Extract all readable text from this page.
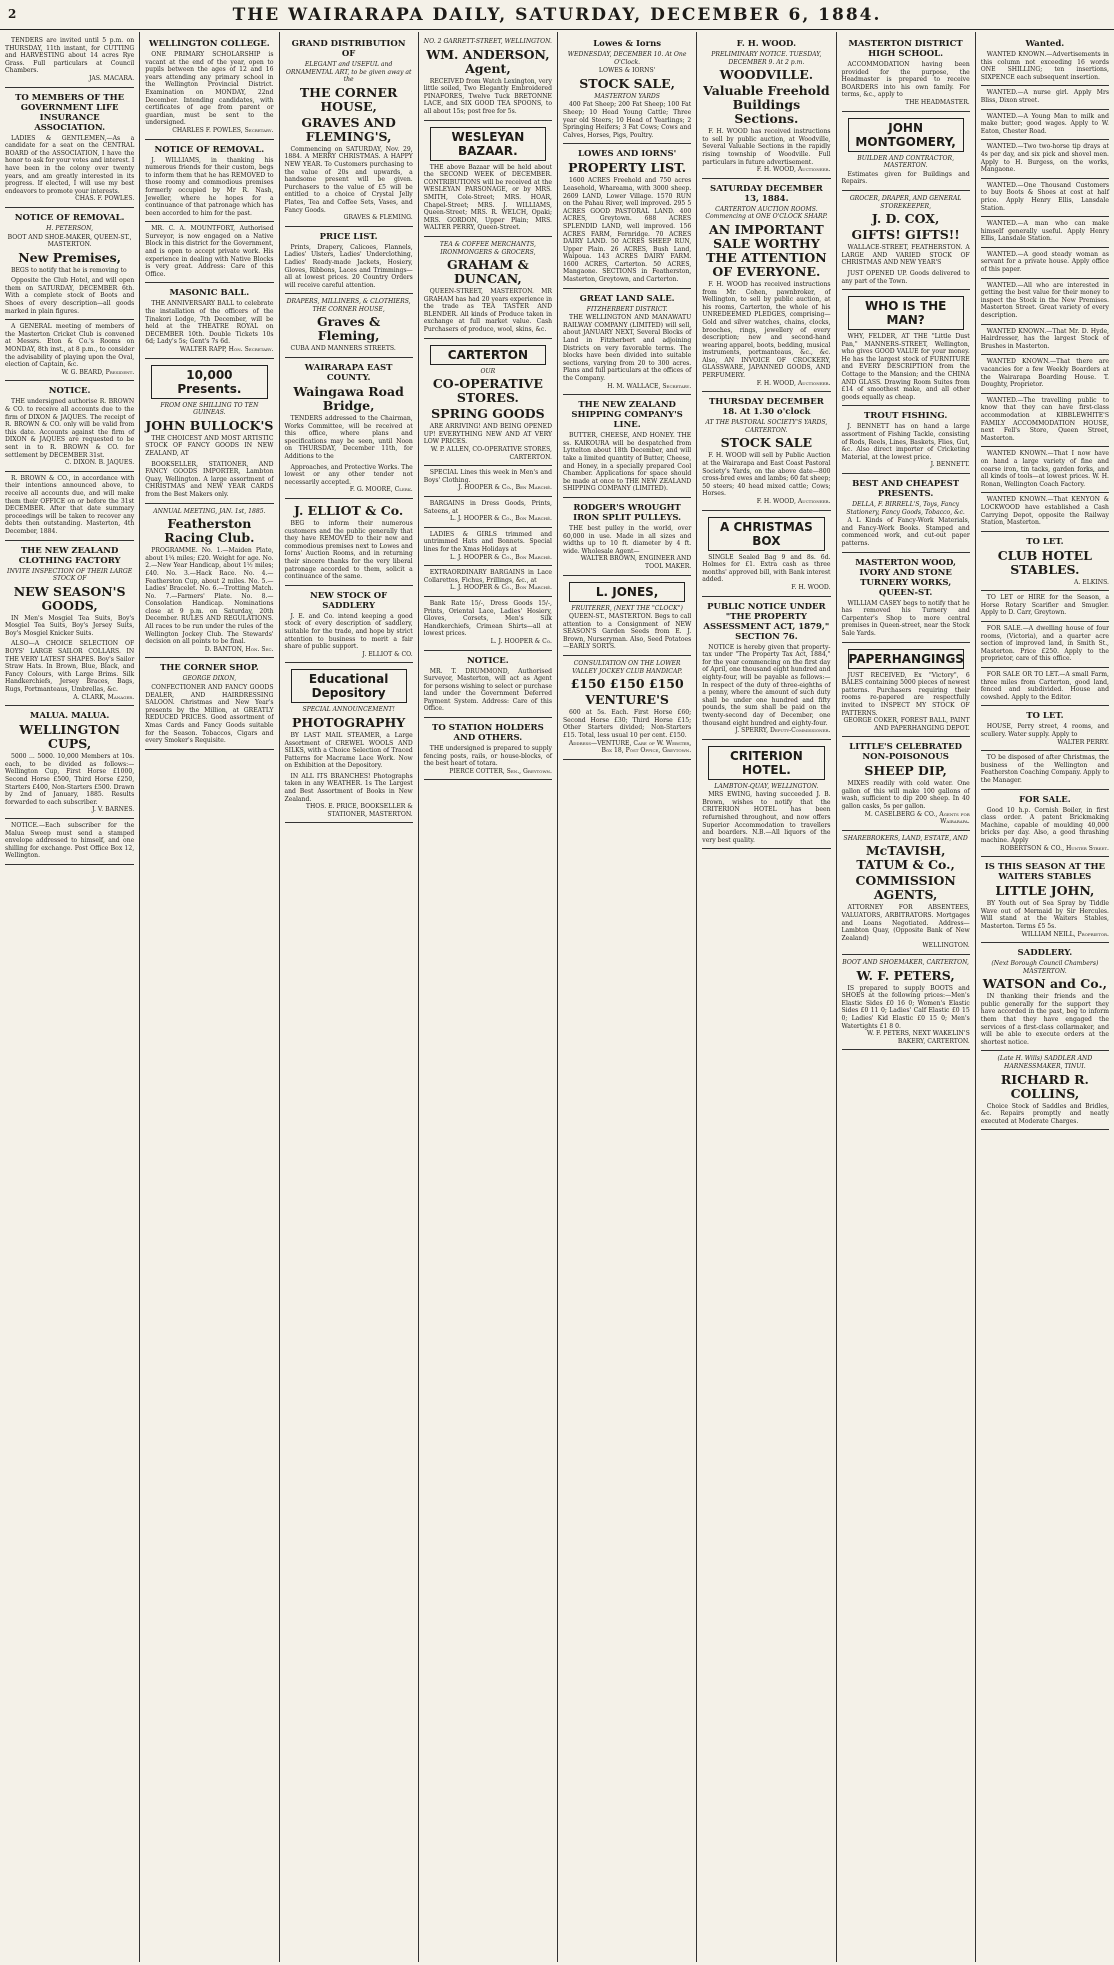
2	THE WAIRARAPA DAILY, SATURDAY, DECEMBER 6, 1884.
TENDERS are invited until 5 p.m. on THURSDAY, 11th instant, for CUTTING and HARVESTING about 14 acres Rye Grass. Full particulars at Council Chambers.
JAS. MACARA.
TO MEMBERS OF THE GOVERNMENT LIFE INSURANCE ASSOCIATION.
LADIES & GENTLEMEN,—As a candidate for a seat on the CENTRAL BOARD of the ASSOCIATION, I have the honor to ask for your votes and interest. I have been in the colony over twenty years, and am greatly interested in its progress. If elected, I will use my best endeavors to promote your interests.
CHAS. F. POWLES.
NOTICE OF REMOVAL.
H. PETERSON,
BOOT AND SHOE-MAKER, QUEEN-ST., MASTERTON.
New Premises,
BEGS to notify that he is removing to
Opposite the Club Hotel, and will open them on SATURDAY, DECEMBER 6th. With a complete stock of Boots and Shoes of every description—all goods marked in plain figures.
A GENERAL meeting of members of the Masterton Cricket Club is convened at Messrs. Eton & Co.'s Rooms on MONDAY, 8th inst., at 8 p.m., to consider the advisability of playing upon the Oval, election of Captain, &c.
W. G. BEARD, President.
NOTICE.
THE undersigned authorise R. BROWN & CO. to receive all accounts due to the firm of DIXON & JAQUES. The receipt of R. BROWN & CO. only will be valid from this date. Accounts against the firm of DIXON & JAQUES are requested to be sent in to R. BROWN & CO. for settlement by DECEMBER 31st.
C. DIXON. B. JAQUES.
R. BROWN & CO., in accordance with their intentions announced above, to receive all accounts due, and will make them their OFFICE on or before the 31st DECEMBER. After that date summary proceedings will be taken to recover any debts then outstanding. Masterton, 4th December, 1884.
THE NEW ZEALAND CLOTHING FACTORY
INVITE INSPECTION OF THEIR LARGE STOCK OF
NEW SEASON'S GOODS,
IN Men's Mosgiel Tea Suits, Boy's Mosgiel Tea Suits, Boy's Jersey Suits, Boy's Mosgiel Knicker Suits.
ALSO—A CHOICE SELECTION OF BOYS' LARGE SAILOR COLLARS. IN THE VERY LATEST SHAPES. Boy's Sailor Straw Hats. In Brown, Blue, Black, and Fancy Colours, with Large Brims. Silk Handkerchiefs, Jersey Braces, Bags, Rugs, Portmanteaus, Umbrellas, &c.
A. CLARK, Manager.
MALUA. MALUA.
WELLINGTON CUPS,
5000 ... 5000. 10,000 Members at 10s. each, to be divided as follows:—Wellington Cup, First Horse £1000, Second Horse £500, Third Horse £250, Starters £400, Non-Starters £500. Drawn by 2nd of January, 1885. Results forwarded to each subscriber.
J. V. BARNES.
NOTICE.—Each subscriber for the Malua Sweep must send a stamped envelope addressed to himself, and one shilling for exchange. Post Office Box 12, Wellington.
WELLINGTON COLLEGE.
ONE PRIMARY SCHOLARSHIP is vacant at the end of the year, open to pupils between the ages of 12 and 16 years attending any primary school in the Wellington Provincial District. Examination on MONDAY, 22nd December. Intending candidates, with certificates of age from parent or guardian, must be sent to the undersigned.
CHARLES F. POWLES, Secretary.
NOTICE OF REMOVAL.
J. WILLIAMS, in thanking his numerous friends for their custom, begs to inform them that he has REMOVED to those roomy and commodious premises formerly occupied by Mr R. Nash, Jeweller, where he hopes for a continuance of that patronage which has been accorded to him for the past.
MR. C. A. MOUNTFORT, Authorised Surveyor, is now engaged on a Native Block in this district for the Government, and is open to accept private work. His experience in dealing with Native Blocks is very great. Address: Care of this Office.
MASONIC BALL.
THE ANNIVERSARY BALL to celebrate the installation of the officers of the Tinakori Lodge, 7th December, will be held at the THEATRE ROYAL on DECEMBER 10th. Double Tickets 10s 6d; Lady's 5s; Gent's 7s 6d.
WALTER RAPP, Hon. Secretary.
10,000 Presents.
FROM ONE SHILLING TO TEN GUINEAS.
JOHN BULLOCK'S
THE CHOICEST AND MOST ARTISTIC STOCK OF FANCY GOODS IN NEW ZEALAND, AT
BOOKSELLER, STATIONER, AND FANCY GOODS IMPORTER, Lambton Quay, Wellington. A large assortment of CHRISTMAS and NEW YEAR CARDS from the Best Makers only.
ANNUAL MEETING, JAN. 1st, 1885.
Featherston Racing Club.
PROGRAMME. No. 1.—Maiden Plate, about 1¼ miles; £20. Weight for age. No. 2.—New Year Handicap, about 1½ miles; £40. No. 3.—Hack Race. No. 4.—Featherston Cup, about 2 miles. No. 5.—Ladies' Bracelet. No. 6.—Trotting Match. No. 7.—Farmers' Plate. No. 8.—Consolation Handicap. Nominations close at 9 p.m. on Saturday, 20th December. RULES AND REGULATIONS. All races to be run under the rules of the Wellington Jockey Club. The Stewards' decision on all points to be final.
D. BANTON, Hon. Sec.
THE CORNER SHOP.
GEORGE DIXON,
CONFECTIONER AND FANCY GOODS DEALER, AND HAIRDRESSING SALOON. Christmas and New Year's presents by the Million, at GREATLY REDUCED PRICES. Good assortment of Xmas Cards and Fancy Goods suitable for the Season. Tobaccos, Cigars and every Smoker's Requisite.
GRAND DISTRIBUTION OF
ELEGANT and USEFUL and ORNAMENTAL ART, to be given away at the
THE CORNER HOUSE,
GRAVES AND FLEMING'S,
Commencing on SATURDAY, Nov. 29, 1884. A MERRY CHRISTMAS. A HAPPY NEW YEAR. To Customers purchasing to the value of 20s and upwards, a handsome present will be given. Purchasers to the value of £5 will be entitled to a choice of Crystal Jelly Plates, Tea and Coffee Sets, Vases, and Fancy Goods.
GRAVES & FLEMING.
PRICE LIST.
Prints, Drapery, Calicoes, Flannels, Ladies' Ulsters, Ladies' Underclothing, Ladies' Ready-made Jackets, Hosiery, Gloves, Ribbons, Laces and Trimmings—all at lowest prices. 20 Country Orders will receive careful attention.
DRAPERS, MILLINERS, & CLOTHIERS, THE CORNER HOUSE,
Graves & Fleming,
CUBA AND MANNERS STREETS.
WAIRARAPA EAST COUNTY.
Waingawa Road Bridge,
TENDERS addressed to the Chairman, Works Committee, will be received at this office, where plans and specifications may be seen, until Noon on THURSDAY, December 11th, for Additions to the
Approaches, and Protective Works. The lowest or any other tender not necessarily accepted.
F. G. MOORE, Clerk.
J. ELLIOT & Co.
BEG to inform their numerous customers and the public generally that they have REMOVED to their new and commodious premises next to Lowes and Iorns' Auction Rooms, and in returning their sincere thanks for the very liberal patronage accorded to them, solicit a continuance of the same.
NEW STOCK OF SADDLERY
J. E. and Co. intend keeping a good stock of every description of saddlery, suitable for the trade, and hope by strict attention to business to merit a fair share of public support.
J. ELLIOT & CO.
Educational Depository
SPECIAL ANNOUNCEMENT!
PHOTOGRAPHY
BY LAST MAIL STEAMER, a Large Assortment of CREWEL WOOLS AND SILKS, with a Choice Selection of Traced Patterns for Macrame Lace Work. Now on Exhibition at the Depository.
IN ALL ITS BRANCHES! Photographs taken in any WEATHER. 1s The Largest and Best Assortment of Books in New Zealand.
THOS. E. PRICE, BOOKSELLER & STATIONER, MASTERTON.
NO. 2 GARRETT-STREET, WELLINGTON.
WM. ANDERSON, Agent,
RECEIVED from Watch Lexington, very little soiled, Two Elegantly Embroidered PINAFORES, Twelve Tuck BRETONNE LACE, and SIX GOOD TEA SPOONS, to all about 15s; post free for 5s.
WESLEYAN BAZAAR.
THE above Bazaar will be held about the SECOND WEEK of DECEMBER. CONTRIBUTIONS will be received at the WESLEYAN PARSONAGE, or by MRS. SMITH, Cole-Street; MRS. HOAR, Chapel-Street; MRS. J. WILLIAMS, Queen-Street; MRS. R. WELCH, Opaki; MRS. GORDON, Upper Plain; MRS. WALTER PERRY, Queen-Street.
TEA & COFFEE MERCHANTS, IRONMONGERS & GROCERS,
GRAHAM & DUNCAN,
QUEEN-STREET, MASTERTON. MR GRAHAM has had 20 years experience in the trade as TEA TASTER AND BLENDER. All kinds of Produce taken in exchange at full market value. Cash Purchasers of produce, wool, skins, &c.
CARTERTON
OUR
CO-OPERATIVE STORES.
SPRING GOODS
ARE ARRIVING! AND BEING OPENED UP! EVERYTHING NEW AND AT VERY LOW PRICES.
W. P. ALLEN, CO-OPERATIVE STORES, CARTERTON.
SPECIAL Lines this week in Men's and Boys' Clothing.
J. HOOPER & Co., Ben Marché.
BARGAINS in Dress Goods, Prints, Sateens, at
L. J. HOOPER & Co., Bon Marché.
LADIES & GIRLS trimmed and untrimmed Hats and Bonnets. Special lines for the Xmas Holidays at
L. J. HOOPER & Co., Bon Marché.
EXTRAORDINARY BARGAINS in Lace Collarettes, Fichus, Frillings, &c., at
L. J. HOOPER & Co., Bon Marché.
Bank Rate 15/-, Dress Goods 15/-, Prints, Oriental Lace, Ladies' Hosiery, Gloves, Corsets, Men's Silk Handkerchiefs, Crimean Shirts—all at lowest prices.
L. J. HOOPER & Co.
NOTICE.
MR. T. DRUMMOND, Authorised Surveyor, Masterton, will act as Agent for persons wishing to select or purchase land under the Government Deferred Payment System. Address: Care of this Office.
TO STATION HOLDERS AND OTHERS.
THE undersigned is prepared to supply fencing posts, rails, or house-blocks, of the best heart of totara.
PIERCE COTTER, Sen., Greytown.
Lowes & Iorns
WEDNESDAY, DECEMBER 10. At One O'Clock.
LOWES & IORNS'
STOCK SALE,
MASTERTON YARDS
400 Fat Sheep; 200 Fat Sheep; 100 Fat Sheep; 10 Head Young Cattle; Three year old Steers; 10 Head of Yearlings; 2 Springing Heifers; 3 Fat Cows; Cows and Calves, Horses, Pigs, Poultry.
LOWES AND IORNS'
PROPERTY LIST.
1600 ACRES Freehold and 750 acres Leasehold, Whareama, with 3000 sheep. 2609 LAND, Lower Village. 1570 RUN on the Pahau River, well improved. 295 5 ACRES GOOD PASTORAL LAND. 400 ACRES, Greytown. 688 ACRES SPLENDID LAND, well improved. 156 ACRES FARM, Fernridge. 70 ACRES DAIRY LAND. 50 ACRES SHEEP RUN, Upper Plain. 26 ACRES, Bush Land, Waipoua. 143 ACRES DAIRY FARM. 1600 ACRES, Carterton. 50 ACRES, Mangaone. SECTIONS in Featherston, Masterton, Greytown, and Carterton.
GREAT LAND SALE.
FITZHERBERT DISTRICT.
THE WELLINGTON AND MANAWATU RAILWAY COMPANY (LIMITED) will sell, about JANUARY NEXT, Several Blocks of Land in Fitzherbert and adjoining Districts on very favorable terms. The blocks have been divided into suitable sections, varying from 20 to 300 acres. Plans and full particulars at the offices of the Company.
H. M. WALLACE, Secretary.
THE NEW ZEALAND SHIPPING COMPANY'S LINE.
BUTTER, CHEESE, AND HONEY. THE ss. KAIKOURA will be despatched from Lyttelton about 18th December, and will take a limited quantity of Butter, Cheese, and Honey, in a specially prepared Cool Chamber. Applications for space should be made at once to THE NEW ZEALAND SHIPPING COMPANY (LIMITED).
RODGER'S WROUGHT IRON SPLIT PULLEYS.
THE best pulley in the world, over 60,000 in use. Made in all sizes and widths up to 10 ft. diameter by 4 ft. wide. Wholesale Agent—
WALTER BROWN, ENGINEER AND TOOL MAKER.
L. JONES,
FRUITERER, (NEXT THE "CLOCK")
QUEEN-ST., MASTERTON. Begs to call attention to a Consignment of NEW SEASON'S Garden Seeds from E. J. Brown, Nurseryman. Also, Seed Potatoes—EARLY SORTS.
CONSULTATION ON THE LOWER VALLEY JOCKEY CLUB HANDICAP.
£150 £150 £150
VENTURE'S
600 at 5s. Each. First Horse £60; Second Horse £30; Third Horse £15; Other Starters divided; Non-Starters £15. Total, less usual 10 per cent. £150.
Address—VENTURE, Care of W. Webster, Box 18, Post Office, Greytown.
F. H. WOOD.
PRELIMINARY NOTICE. TUESDAY, DECEMBER 9. At 2 p.m.
WOODVILLE.
Valuable Freehold Buildings Sections.
F. H. WOOD has received instructions to sell by public auction, at Woodville, Several Valuable Sections in the rapidly rising township of Woodville. Full particulars in future advertisement.
F. H. WOOD, Auctioneer.
SATURDAY DECEMBER 13, 1884.
CARTERTON AUCTION ROOMS. Commencing at ONE O'CLOCK SHARP.
AN IMPORTANT SALE WORTHY THE ATTENTION OF EVERYONE.
F. H. WOOD has received instructions from Mr. Cohen, pawnbroker, of Wellington, to sell by public auction, at his rooms, Carterton, the whole of his UNREDEEMED PLEDGES, comprising—Gold and silver watches, chains, clocks, brooches, rings, jewellery of every description; new and second-hand wearing apparel, boots, bedding, musical instruments, portmanteaus, &c., &c. Also, AN INVOICE OF CROCKERY, GLASSWARE, JAPANNED GOODS, AND PERFUMERY.
F. H. WOOD, Auctioneer.
THURSDAY DECEMBER 18. At 1.30 o'clock
AT THE PASTORAL SOCIETY'S YARDS, CARTERTON.
STOCK SALE
F. H. WOOD will sell by Public Auction at the Wairarapa and East Coast Pastoral Society's Yards, on the above date—800 cross-bred ewes and lambs; 60 fat sheep; 50 steers; 40 head mixed cattle; Cows; Horses.
F. H. WOOD, Auctioneer.
A CHRISTMAS BOX
SINGLE Sealed Bag 9 and 8s. 6d. Holmes for £1. Extra cash as three months' approved bill, with Bank interest added.
F. H. WOOD.
PUBLIC NOTICE UNDER "THE PROPERTY ASSESSMENT ACT, 1879," SECTION 76.
NOTICE is hereby given that property-tax under "The Property Tax Act, 1884," for the year commencing on the first day of April, one thousand eight hundred and eighty-four, will be payable as follows:—In respect of the duty of three-eighths of a penny, where the amount of such duty shall be under one hundred and fifty pounds, the sum shall be paid on the twenty-second day of December, one thousand eight hundred and eighty-four.
J. SPERRY, Deputy-Commissioner.
CRITERION HOTEL.
LAMBTON-QUAY, WELLINGTON.
MRS EWING, having succeeded J. B. Brown, wishes to notify that the CRITERION HOTEL has been refurnished throughout, and now offers Superior Accommodation to travellers and boarders. N.B.—All liquors of the very best quality.
MASTERTON DISTRICT HIGH SCHOOL.
ACCOMMODATION having been provided for the purpose, the Headmaster is prepared to receive BOARDERS into his own family. For terms, &c., apply to
THE HEADMASTER.
JOHN MONTGOMERY,
BUILDER AND CONTRACTOR, MASTERTON.
Estimates given for Buildings and Repairs.
GROCER, DRAPER, AND GENERAL STOREKEEPER,
J. D. COX,
GIFTS! GIFTS!!
WALLACE-STREET, FEATHERSTON. A LARGE AND VARIED STOCK OF CHRISTMAS AND NEW YEAR'S
JUST OPENED UP. Goods delivered to any part of the Town.
WHO IS THE MAN?
WHY, FELDER, AT THE "Little Dust Pan," MANNERS-STREET, Wellington, who gives GOOD VALUE for your money. He has the largest stock of FURNITURE and EVERY DESCRIPTION from the Cottage to the Mansion; and the CHINA AND GLASS. Drawing Room Suites from £14 of smoothest make, and all other goods equally as cheap.
TROUT FISHING.
J. BENNETT has on hand a large assortment of Fishing Tackle, consisting of Rods, Reels, Lines, Baskets, Flies, Gut, &c. Also direct importer of Cricketing Material, at the lowest price.
J. BENNETT.
BEST AND CHEAPEST PRESENTS.
DELLA, F. BIRRELL'S, Toys, Fancy Stationery, Fancy Goods, Tobacco, &c.
A L Kinds of Fancy-Work Materials, and Fancy-Work Books. Stamped and commenced work, and cut-out paper patterns.
MASTERTON WOOD, IVORY AND STONE TURNERY WORKS, QUEEN-ST.
WILLIAM CASEY begs to notify that he has removed his Turnery and Carpenter's Shop to more central premises in Queen-street, near the Stock Sale Yards.
PAPERHANGINGS
JUST RECEIVED, Ex "Victory", 6 BALES containing 5000 pieces of newest patterns. Purchasers requiring their rooms re-papered are respectfully invited to INSPECT MY STOCK OF PATTERNS.
GEORGE COKER, FOREST BALL, PAINT AND PAPERHANGING DEPOT.
LITTLE'S CELEBRATED NON-POISONOUS
SHEEP DIP,
MIXES readily with cold water. One gallon of this will make 100 gallons of wash, sufficient to dip 200 sheep. In 40 gallon casks, 5s per gallon.
M. CASELBERG & CO., Agents for Wairarapa.
SHAREBROKERS, LAND, ESTATE, AND
McTAVISH, TATUM & Co.,
COMMISSION AGENTS,
ATTORNEY FOR ABSENTEES, VALUATORS, ARBITRATORS. Mortgages and Loans Negotiated. Address—Lambton Quay, (Opposite Bank of New Zealand)
WELLINGTON.
BOOT AND SHOEMAKER, CARTERTON,
W. F. PETERS,
IS prepared to supply BOOTS and SHOES at the following prices:—Men's Elastic Sides £0 16 0; Women's Elastic Sides £0 11 0; Ladies' Calf Elastic £0 15 0; Ladies' Kid Elastic £0 15 0; Men's Watertights £1 8 0.
W. F. PETERS, NEXT WAKELIN'S BAKERY, CARTERTON.
Wanted.
WANTED KNOWN.—Advertisements in this column not exceeding 16 words ONE SHILLING; ten insertions, SIXPENCE each subsequent insertion.
WANTED.—A nurse girl. Apply Mrs Bliss, Dixon street.
WANTED.—A Young Man to milk and make butter; good wages. Apply to W. Eaton, Chester Road.
WANTED.—Two two-horse tip drays at 4s per day, and six pick and shovel men. Apply to H. Burgess, on the works, Mangaone.
WANTED.—One Thousand Customers to buy Boots & Shoes at cost at half price. Apply Henry Ellis, Lansdale Station.
WANTED.—A man who can make himself generally useful. Apply Henry Ellis, Lansdale Station.
WANTED.—A good steady woman as servant for a private house. Apply office of this paper.
WANTED.—All who are interested in getting the best value for their money to inspect the Stock in the New Premises. Masterton Street. Great variety of every description.
WANTED KNOWN.—That Mr. D. Hyde, Hairdresser, has the largest Stock of Brushes in Masterton.
WANTED KNOWN.—That there are vacancies for a few Weekly Boarders at the Wairarapa Boarding House. T. Doughty, Proprietor.
WANTED.—The travelling public to know that they can have first-class accommodation at KIBBLEWHITE'S FAMILY ACCOMMODATION HOUSE, next Fell's Store, Queen Street, Masterton.
WANTED KNOWN.—That I now have on hand a large variety of fine and coarse iron, tin tacks, garden forks, and all kinds of tools—at lowest prices. W. H. Ronan, Wellington Coach Factory.
WANTED KNOWN.—That KENYON & LOCKWOOD have established a Cash Carrying Depot, opposite the Railway Station, Masterton.
TO LET.
CLUB HOTEL STABLES.
A. ELKINS.
TO LET or HIRE for the Season, a Horse Rotary Scarifier and Smugler. Apply to D. Carr, Greytown.
FOR SALE.—A dwelling house of four rooms, (Victoria), and a quarter acre section of improved land, in Smith St., Masterton. Price £250. Apply to the proprietor, care of this office.
FOR SALE OR TO LET.—A small Farm, three miles from Carterton, good land, fenced and subdivided. House and cowshed. Apply to the Editor.
TO LET.
HOUSE, Perry street, 4 rooms, and scullery. Water supply. Apply to
WALTER PERRY.
TO be disposed of after Christmas, the business of the Wellington and Featherston Coaching Company. Apply to the Manager.
FOR SALE.
Good 10 h.p. Cornish Boiler, in first class order. A patent Brickmaking Machine, capable of moulding 40,000 bricks per day. Also, a good thrashing machine. Apply
ROBERTSON & CO., Hunter Street.
IS THIS SEASON AT THE WAITERS STABLES
LITTLE JOHN,
BY Youth out of Sea Spray by Tiddle Wave out of Mermaid by Sir Hercules. Will stand at the Waiters Stables, Masterton. Terms £5 5s.
WILLIAM NEILL, Proprietor.
SADDLERY.
(Next Borough Council Chambers) MASTERTON.
WATSON and Co.,
IN thanking their friends and the public generally for the support they have accorded in the past, beg to inform them that they have engaged the services of a first-class collarmaker, and will be able to execute orders at the shortest notice.
(Late H. Wills) SADDLER AND HARNESSMAKER, TINUI.
RICHARD R. COLLINS,
Choice Stock of Saddles and Bridles, &c. Repairs promptly and neatly executed at Moderate Charges.
